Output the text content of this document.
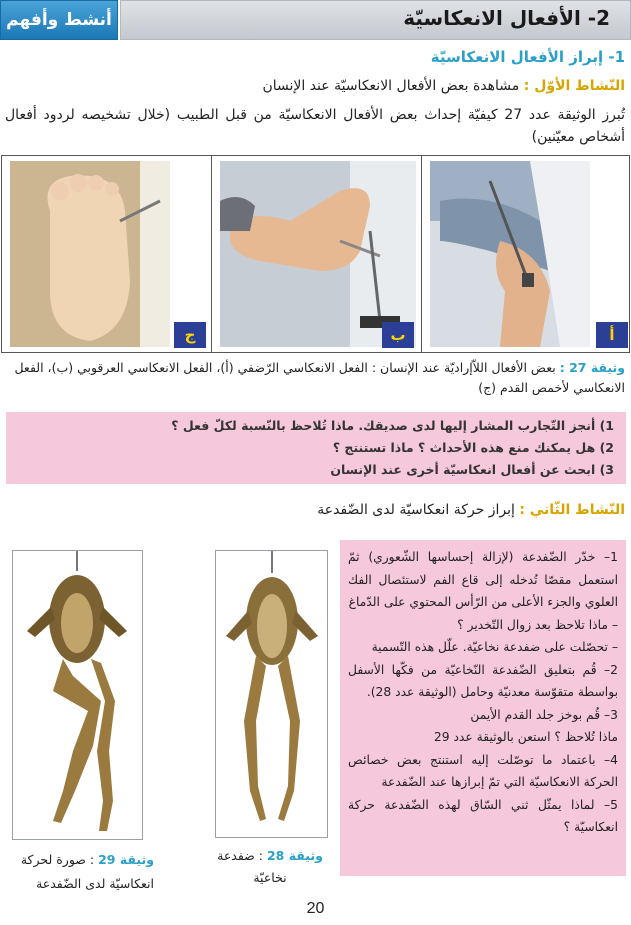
2- الأفعال الانعكاسيّة
أنشط وأفهم
1- إبراز الأفعال الانعكاسيّة
النّشاط الأوّل : مشاهدة بعض الأفعال الانعكاسيّة عند الإنسان
تُبرز الوثيقة عدد 27 كيفيّة إحداث بعض الأفعال الانعكاسيّة من قبل الطبيب (خلال تشخيصه لردود أفعال أشخاص معيّنين)
أ
ب
ج
وثيقة 27 : بعض الأفعال اللاّإراديّة عند الإنسان : الفعل الانعكاسي الرّضفي (أ)، الفعل الانعكاسي العرقوبي (ب)، الفعل الانعكاسي لأخمص القدم (ج)
1) أنجز التّجارب المشار إليها لدى صديقك. ماذا تُلاحظ بالنّسبة لكلّ فعل ؟
2) هل يمكنك منع هذه الأحداث ؟ ماذا تستنتج ؟
3) ابحث عن أفعال انعكاسيّة أخرى عند الإنسان
النّشاط الثّاني : إبراز حركة انعكاسيّة لدى الضّفدعة
1– خدّر الضّفدعة (لإزالة إحساسها الشّعوري) ثمّ استعمل مقصّا تُدخله إلى قاع الفم لاستئصال الفك العلوي والجزء الأعلى من الرّأس المحتوي على الدّماغ
– ماذا تلاحظ بعد زوال التّخدير ؟
– تحصّلت على ضفدعة نخاعيّة. علّل هذه التّسمية
2– قُم بتعليق الضّفدعة النّخاعيّة من فكّها الأسفل بواسطة متقوّسة معدنيّة وحامل (الوثيقة عدد 28).
3– قُم بوخز جلد القدم الأيمن
ماذا تُلاحظ ؟ استعن بالوثيقة عدد 29
4– باعتماد ما توصّلت إليه استنتج بعض خصائص الحركة الانعكاسيّة التي تمّ إبرازها عند الضّفدعة
5– لماذا يمثّل ثني السّاق لهذه الضّفدعة حركة انعكاسيّة ؟
وثيقة 28 : ضفدعة نخاعيّة
وثيقة 29 : صورة لحركة انعكاسيّة لدى الضّفدعة
20
